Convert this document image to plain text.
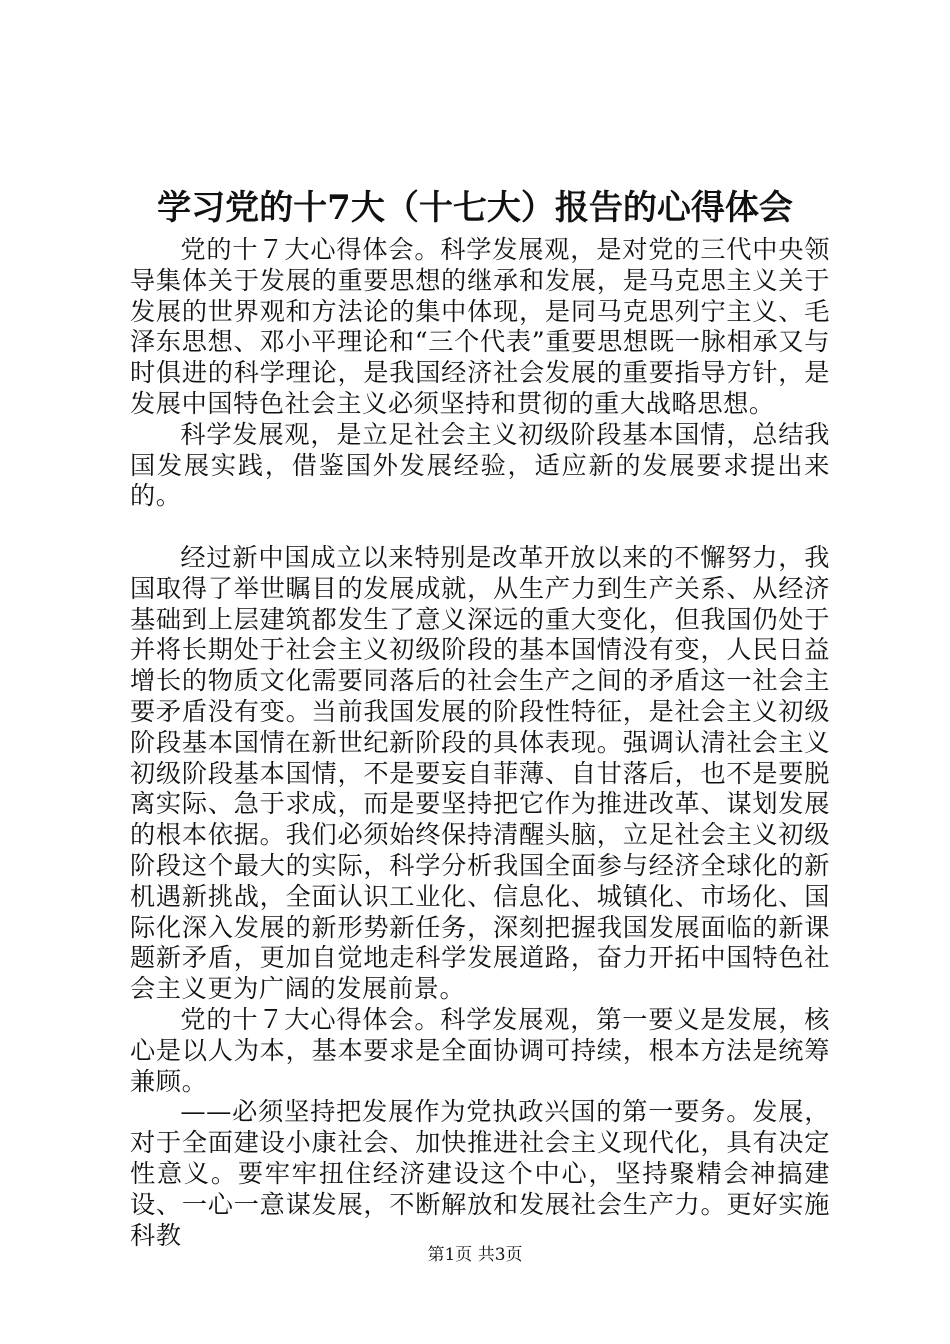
学习党的十7大（十七大）报告的心得体会

党的十７大心得体会。科学发展观，是对党的三代中央领导集体关于发展的重要思想的继承和发展，是马克思主义关于发展的世界观和方法论的集中体现，是同马克思列宁主义、毛泽东思想、邓小平理论和“三个代表”重要思想既一脉相承又与时俱进的科学理论，是我国经济社会发展的重要指导方针，是发展中国特色社会主义必须坚持和贯彻的重大战略思想。

科学发展观，是立足社会主义初级阶段基本国情，总结我国发展实践，借鉴国外发展经验，适应新的发展要求提出来的。

经过新中国成立以来特别是改革开放以来的不懈努力，我国取得了举世瞩目的发展成就，从生产力到生产关系、从经济基础到上层建筑都发生了意义深远的重大变化，但我国仍处于并将长期处于社会主义初级阶段的基本国情没有变，人民日益增长的物质文化需要同落后的社会生产之间的矛盾这一社会主要矛盾没有变。当前我国发展的阶段性特征，是社会主义初级阶段基本国情在新世纪新阶段的具体表现。强调认清社会主义初级阶段基本国情，不是要妄自菲薄、自甘落后，也不是要脱离实际、急于求成，而是要坚持把它作为推进改革、谋划发展的根本依据。我们必须始终保持清醒头脑，立足社会主义初级阶段这个最大的实际，科学分析我国全面参与经济全球化的新机遇新挑战，全面认识工业化、信息化、城镇化、市场化、国际化深入发展的新形势新任务，深刻把握我国发展面临的新课题新矛盾，更加自觉地走科学发展道路，奋力开拓中国特色社会主义更为广阔的发展前景。

党的十７大心得体会。科学发展观，第一要义是发展，核心是以人为本，基本要求是全面协调可持续，根本方法是统筹兼顾。

——必须坚持把发展作为党执政兴国的第一要务。发展，对于全面建设小康社会、加快推进社会主义现代化，具有决定性意义。要牢牢扭住经济建设这个中心，坚持聚精会神搞建设、一心一意谋发展，不断解放和发展社会生产力。更好实施科教

第1页 共3页
